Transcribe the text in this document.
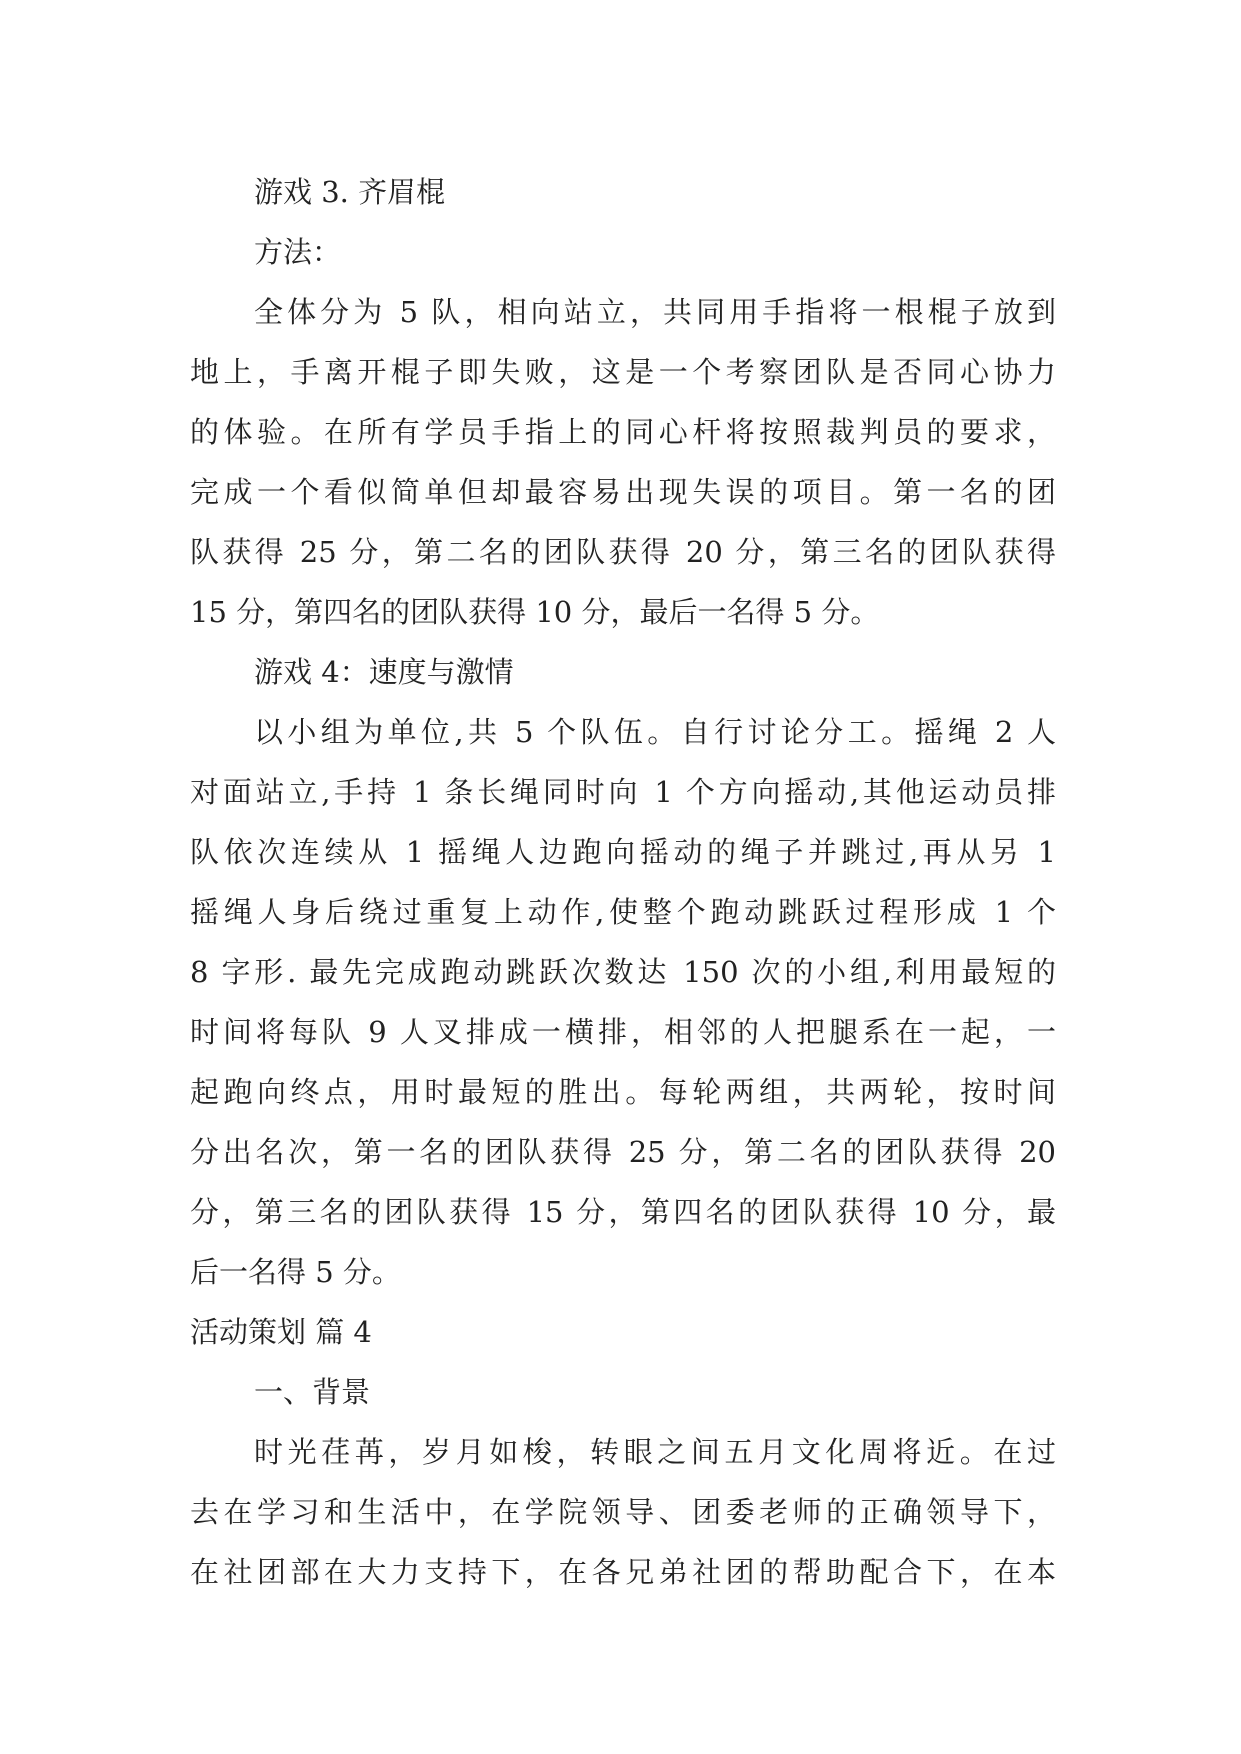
游戏 3. 齐眉棍
方法：
全体分为 5 队，相向站立，共同用手指将一根棍子放到
地上，手离开棍子即失败，这是一个考察团队是否同心协力
的体验。在所有学员手指上的同心杆将按照裁判员的要求，
完成一个看似简单但却最容易出现失误的项目。第一名的团
队获得 25 分，第二名的团队获得 20 分，第三名的团队获得
15 分，第四名的团队获得 10 分，最后一名得 5 分。
游戏 4：速度与激情
以小组为单位,共 5 个队伍。自行讨论分工。摇绳 2 人
对面站立,手持 1 条长绳同时向 1 个方向摇动,其他运动员排
队依次连续从 1 摇绳人边跑向摇动的绳子并跳过,再从另 1
摇绳人身后绕过重复上动作,使整个跑动跳跃过程形成 1 个
8 字形. 最先完成跑动跳跃次数达 150 次的小组,利用最短的
时间将每队 9 人叉排成一横排，相邻的人把腿系在一起，一
起跑向终点，用时最短的胜出。每轮两组，共两轮，按时间
分出名次，第一名的团队获得 25 分，第二名的团队获得 20
分，第三名的团队获得 15 分，第四名的团队获得 10 分，最
后一名得 5 分。
活动策划 篇 4
一、背景
时光荏苒，岁月如梭，转眼之间五月文化周将近。在过
去在学习和生活中，在学院领导、团委老师的正确领导下，
在社团部在大力支持下，在各兄弟社团的帮助配合下，在本
